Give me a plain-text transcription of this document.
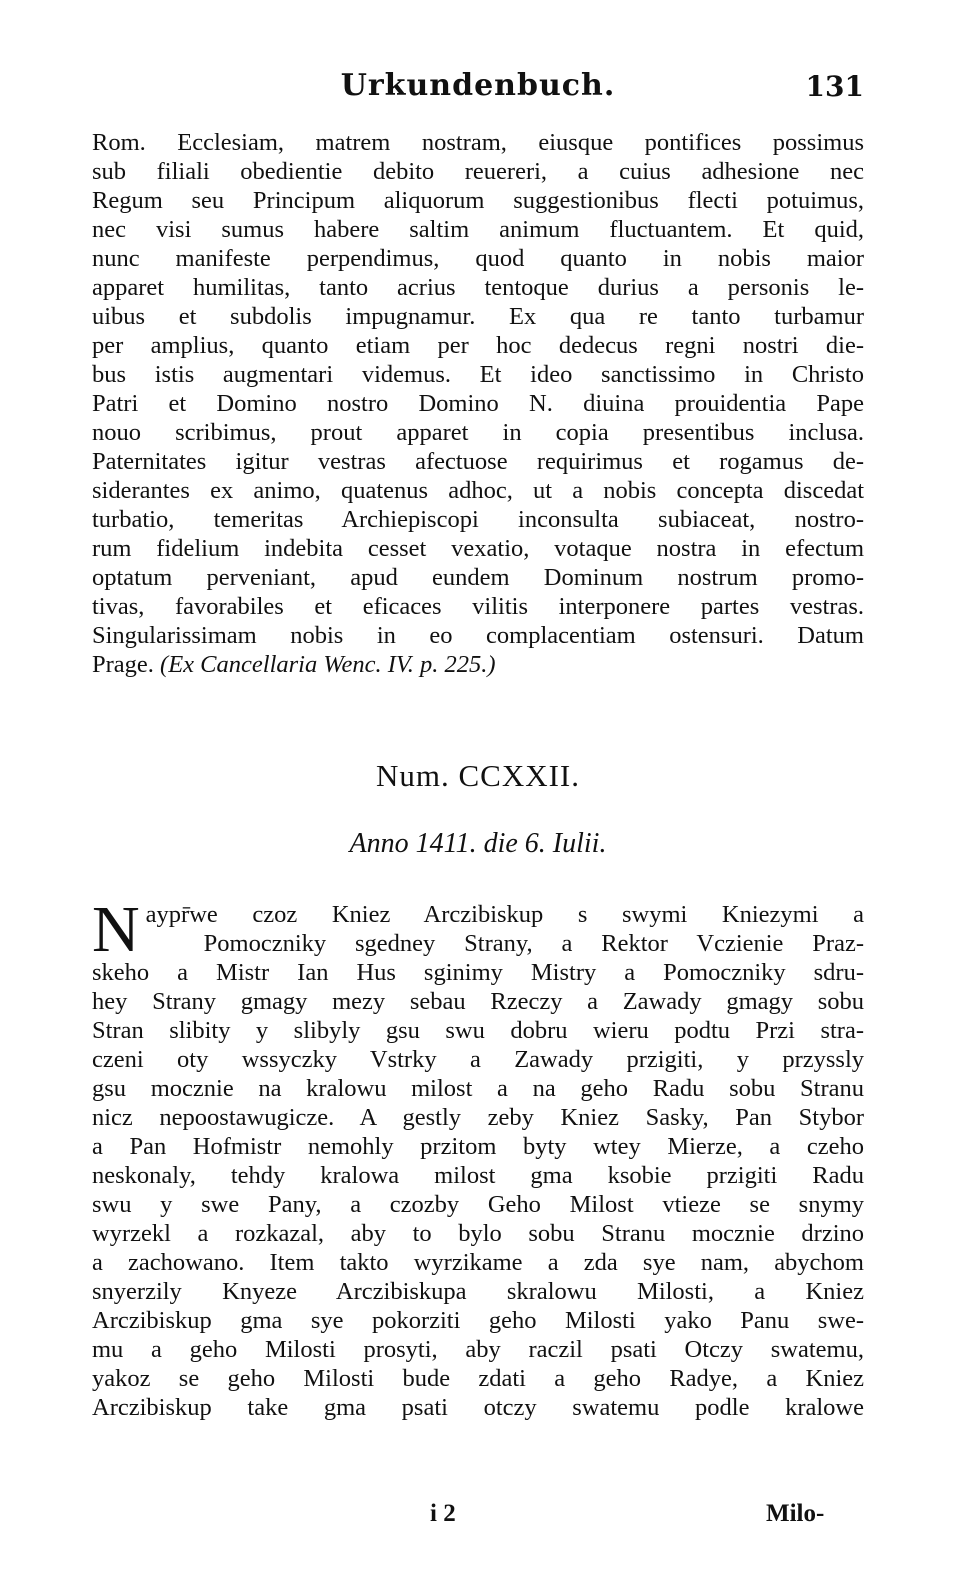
Urkundenbuch.	131
Rom. Ecclesiam, matrem nostram, eiusque pontifices possimus
sub filiali obedientie debito reuereri, a cuius adhesione nec
Regum seu Principum aliquorum suggestionibus flecti potuimus,
nec visi sumus habere saltim animum fluctuantem. Et quid,
nunc manifeste perpendimus, quod quanto in nobis maior
apparet humilitas, tanto acrius tentoque durius a personis le-
uibus et subdolis impugnamur. Ex qua re tanto turbamur
per amplius, quanto etiam per hoc dedecus regni nostri die-
bus istis augmentari videmus. Et ideo sanctissimo in Christo
Patri et Domino nostro Domino N. diuina prouidentia Pape
nouo scribimus, prout apparet in copia presentibus inclusa.
Paternitates igitur vestras afectuose requirimus et rogamus de-
siderantes ex animo, quatenus adhoc, ut a nobis concepta discedat
turbatio, temeritas Archiepiscopi inconsulta subiaceat, nostro-
rum fidelium indebita cesset vexatio, votaque nostra in efectum
optatum perveniant, apud eundem Dominum nostrum promo-
tivas, favorabiles et eficaces vilitis interponere partes vestras.
Singularissimam nobis in eo complacentiam ostensuri. Datum
Prage. (Ex Cancellaria Wenc. IV. p. 225.)
Num. CCXXII.
Anno 1411. die 6. Iulii.
N aypr̄we czoz Kniez Arczibiskup s swymi Kniezymi a
Pomoczniky sgedney Strany, a Rektor Vczienie Praz-
skeho a Mistr Ian Hus sginimy Mistry a Pomoczniky sdru-
hey Strany gmagy mezy sebau Rzeczy a Zawady gmagy sobu
Stran slibity y slibyly gsu swu dobru wieru podtu Przi stra-
czeni oty wssyczky Vstrky a Zawady przigiti, y przyssly
gsu mocznie na kralowu milost a na geho Radu sobu Stranu
nicz nepoostawugicze. A gestly zeby Kniez Sasky, Pan Stybor
a Pan Hofmistr nemohly przitom byty wtey Mierze, a czeho
neskonaly, tehdy kralowa milost gma ksobie przigiti Radu
swu y swe Pany, a czozby Geho Milost vtieze se snymy
wyrzekl a rozkazal, aby to bylo sobu Stranu mocznie drzino
a zachowano. Item takto wyrzikame a zda sye nam, abychom
snyerzily Knyeze Arczibiskupa skralowu Milosti, a Kniez
Arczibiskup gma sye pokorziti geho Milosti yako Panu swe-
mu a geho Milosti prosyti, aby raczil psati Otczy swatemu,
yakoz se geho Milosti bude zdati a geho Radye, a Kniez
Arczibiskup take gma psati otczy swatemu podle kralowe
i 2	Milo-
